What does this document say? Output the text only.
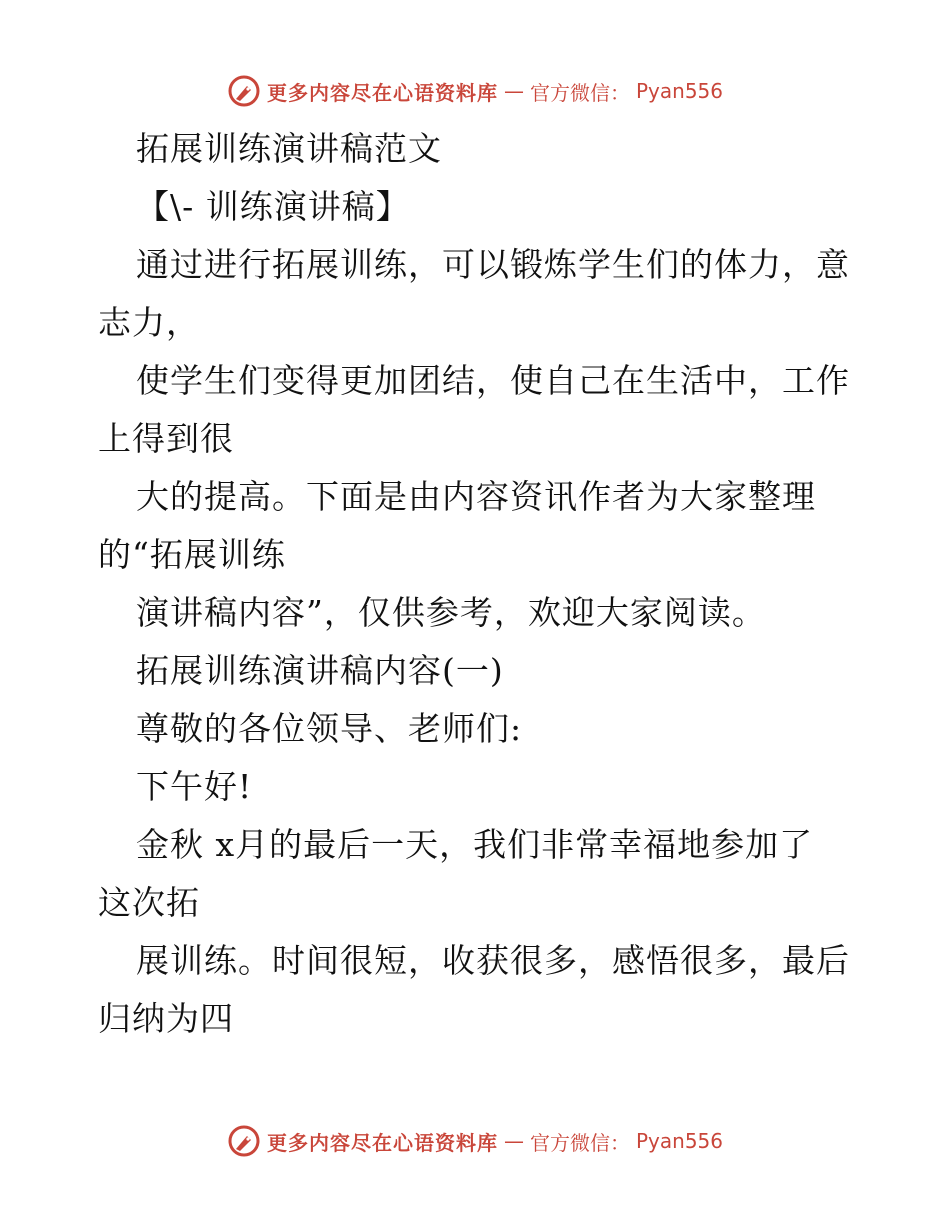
更多内容尽在心语资料库 — 官方微信： Pyan556
拓展训练演讲稿范文
【\- 训练演讲稿】
通过进行拓展训练，可以锻炼学生们的体力，意
志力，
使学生们变得更加团结，使自己在生活中，工作
上得到很
大的提高。下面是由内容资讯作者为大家整理
的“拓展训练
演讲稿内容”，仅供参考，欢迎大家阅读。
拓展训练演讲稿内容(一)
尊敬的各位领导、老师们:
下午好!
金秋 x月的最后一天，我们非常幸福地参加了
这次拓
展训练。时间很短，收获很多，感悟很多，最后
归纳为四
更多内容尽在心语资料库 — 官方微信： Pyan556
